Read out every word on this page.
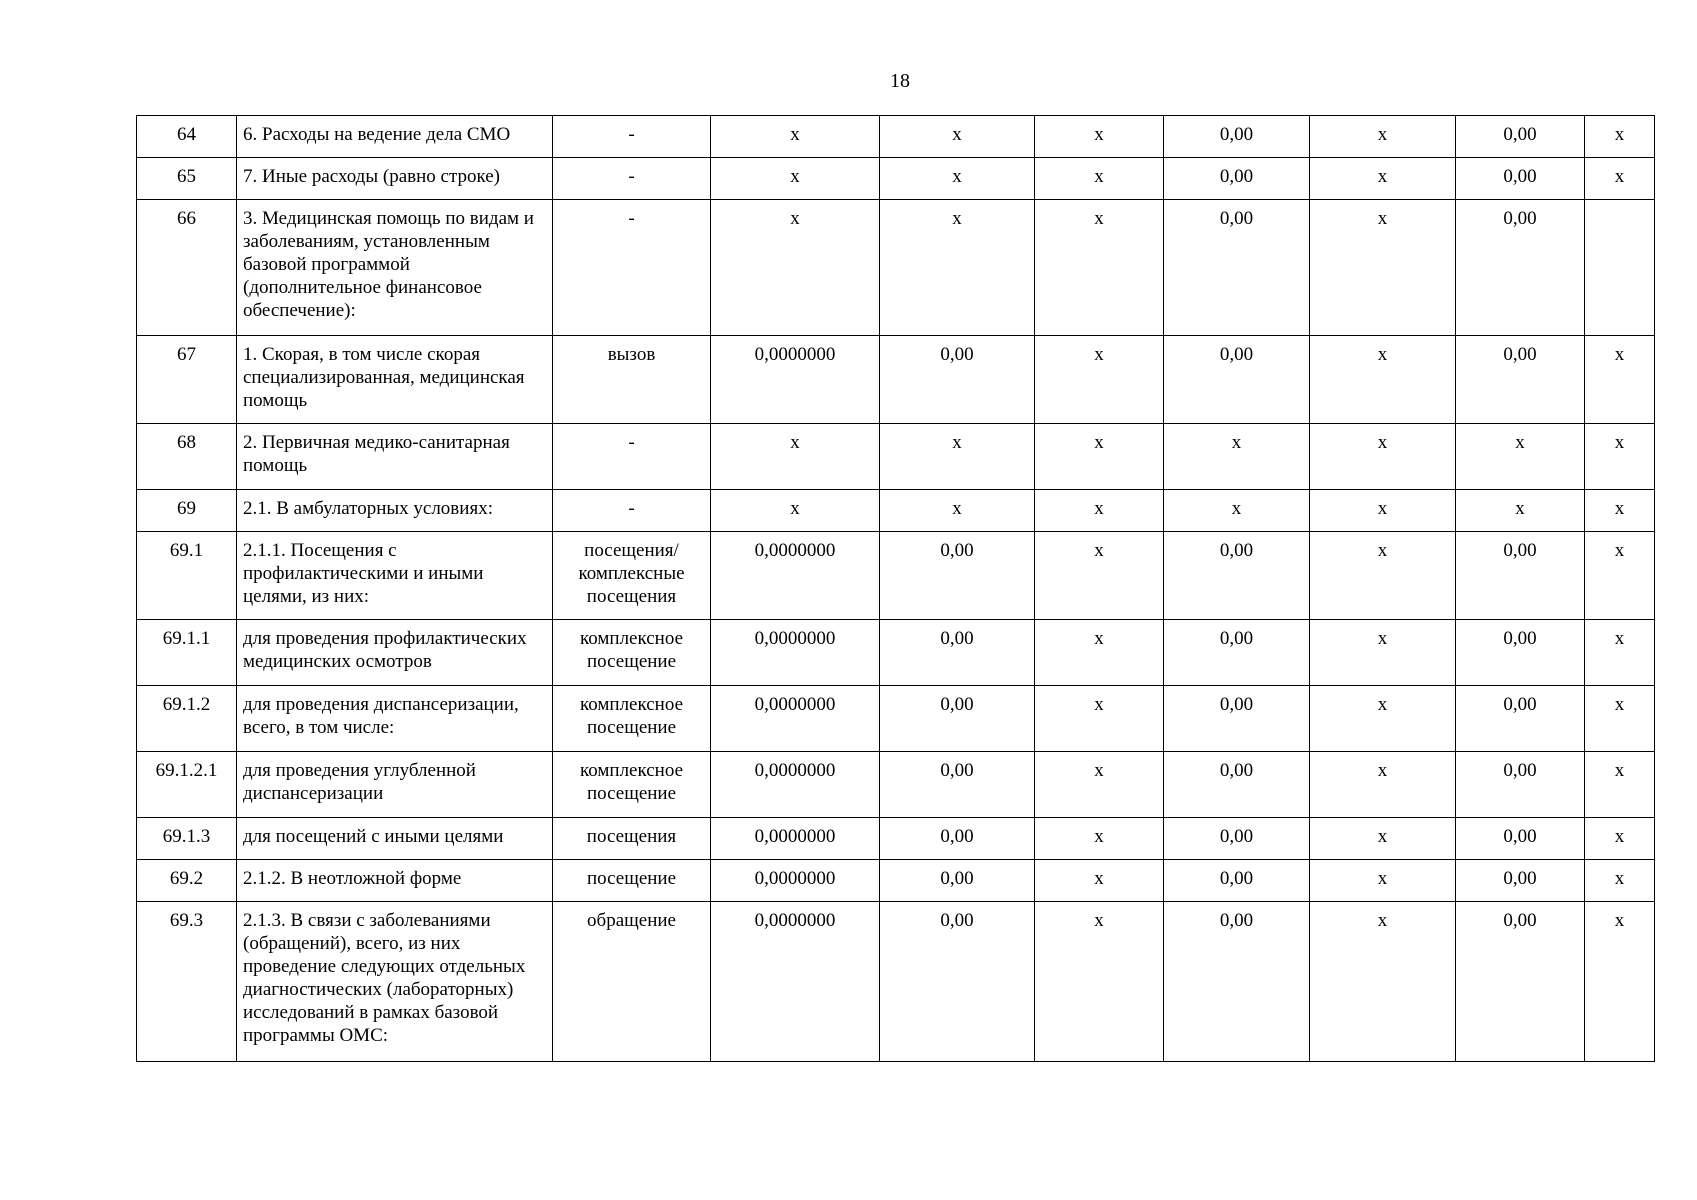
18
64	6. Расходы на ведение дела СМО	-	х	х	х	0,00	х	0,00	х
65	7. Иные расходы (равно строке)	-	х	х	х	0,00	х	0,00	х
66	3. Медицинская помощь по видам и заболеваниям, установленным базовой программой (дополнительное финансовое обеспечение):	-	х	х	х	0,00	х	0,00	
67	1. Скорая, в том числе скорая специализированная, медицинская помощь	вызов	0,0000000	0,00	х	0,00	х	0,00	х
68	2. Первичная медико-санитарная помощь	-	х	х	х	х	х	х	х
69	2.1. В амбулаторных условиях:	-	х	х	х	х	х	х	х
69.1	2.1.1. Посещения с профилактическими и иными целями, из них:	посещения/ комплексные посещения	0,0000000	0,00	х	0,00	х	0,00	х
69.1.1	для проведения профилактических медицинских осмотров	комплексное посещение	0,0000000	0,00	х	0,00	х	0,00	х
69.1.2	для проведения диспансеризации, всего, в том числе:	комплексное посещение	0,0000000	0,00	х	0,00	х	0,00	х
69.1.2.1	для проведения углубленной диспансеризации	комплексное посещение	0,0000000	0,00	х	0,00	х	0,00	х
69.1.3	для посещений с иными целями	посещения	0,0000000	0,00	х	0,00	х	0,00	х
69.2	2.1.2. В неотложной форме	посещение	0,0000000	0,00	х	0,00	х	0,00	х
69.3	2.1.3. В связи с заболеваниями (обращений), всего, из них проведение следующих отдельных диагностических (лабораторных) исследований в рамках базовой программы ОМС:	обращение	0,0000000	0,00	х	0,00	х	0,00	х
